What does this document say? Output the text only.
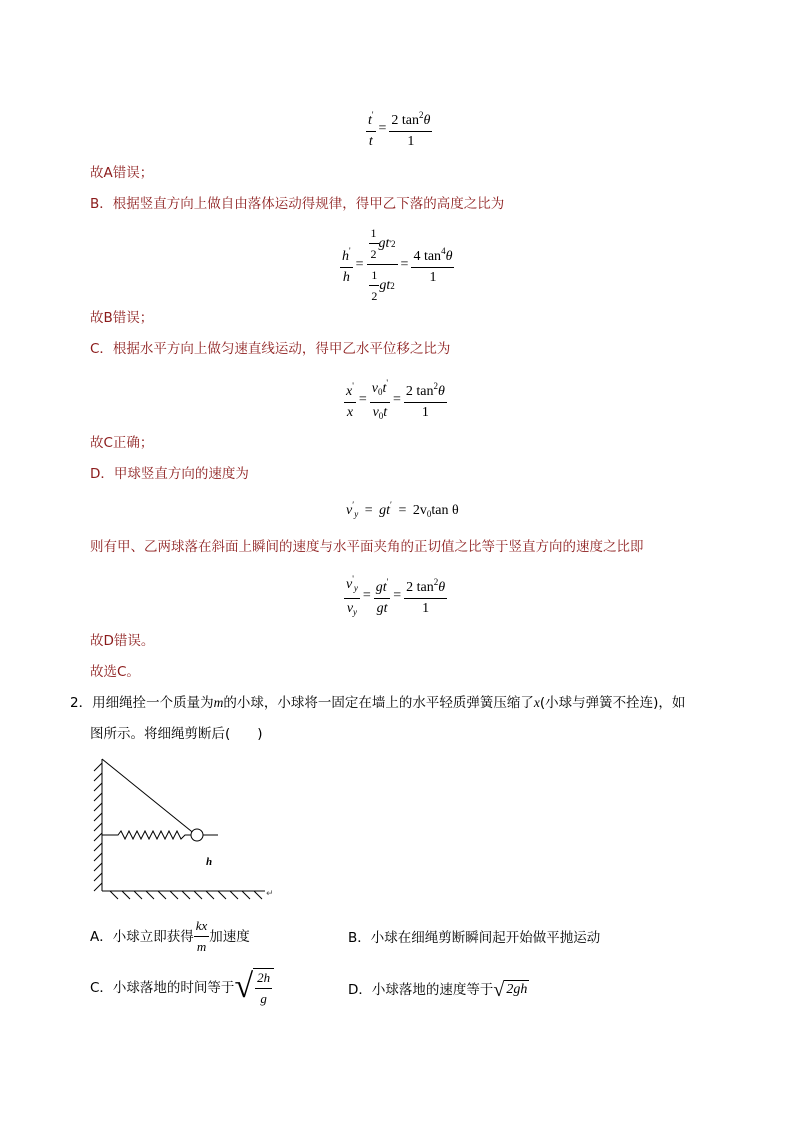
$\frac{t'}{t} = \frac{2 \tan^2\theta}{1}$
故A错误；
B．根据竖直方向上做自由落体运动得规律，得甲乙下落的高度之比为
$\frac{h'}{h} = \frac{\frac{1}{2} gt '2}{\frac{1}{2} gt 2} = \frac{4 \tan^4\theta}{1}$
故B错误；
C．根据水平方向上做匀速直线运动，得甲乙水平位移之比为
$\frac{x'}{x} = \frac{v_0t'}{v_0t} = \frac{2 \tan^2\theta}{1}$
故C正确；
D．甲球竖直方向的速度为
$v'_y = gt' = 2v_0\tan$ θ
则有甲、乙两球落在斜面上瞬间的速度与水平面夹角的正切值之比等于竖直方向的速度之比即
$\frac{v'_y}{v_y} = \frac{gt'}{gt} = \frac{2 \tan^2\theta}{1}$
故D错误。
故选C。
2．用细绳拴一个质量为m的小球，小球将一固定在墙上的水平轻质弹簧压缩了x(小球与弹簧不拴连)，如
图所示。将细绳剪断后(　　)
h
↵
A．小球立即获得 $\frac{kx}{m}$ 加速度	B．小球在细绳剪断瞬间起开始做平抛运动
C．小球落地的时间等于 √ $\frac{2h}{g}$	D．小球落地的速度等于 √ 2gh
